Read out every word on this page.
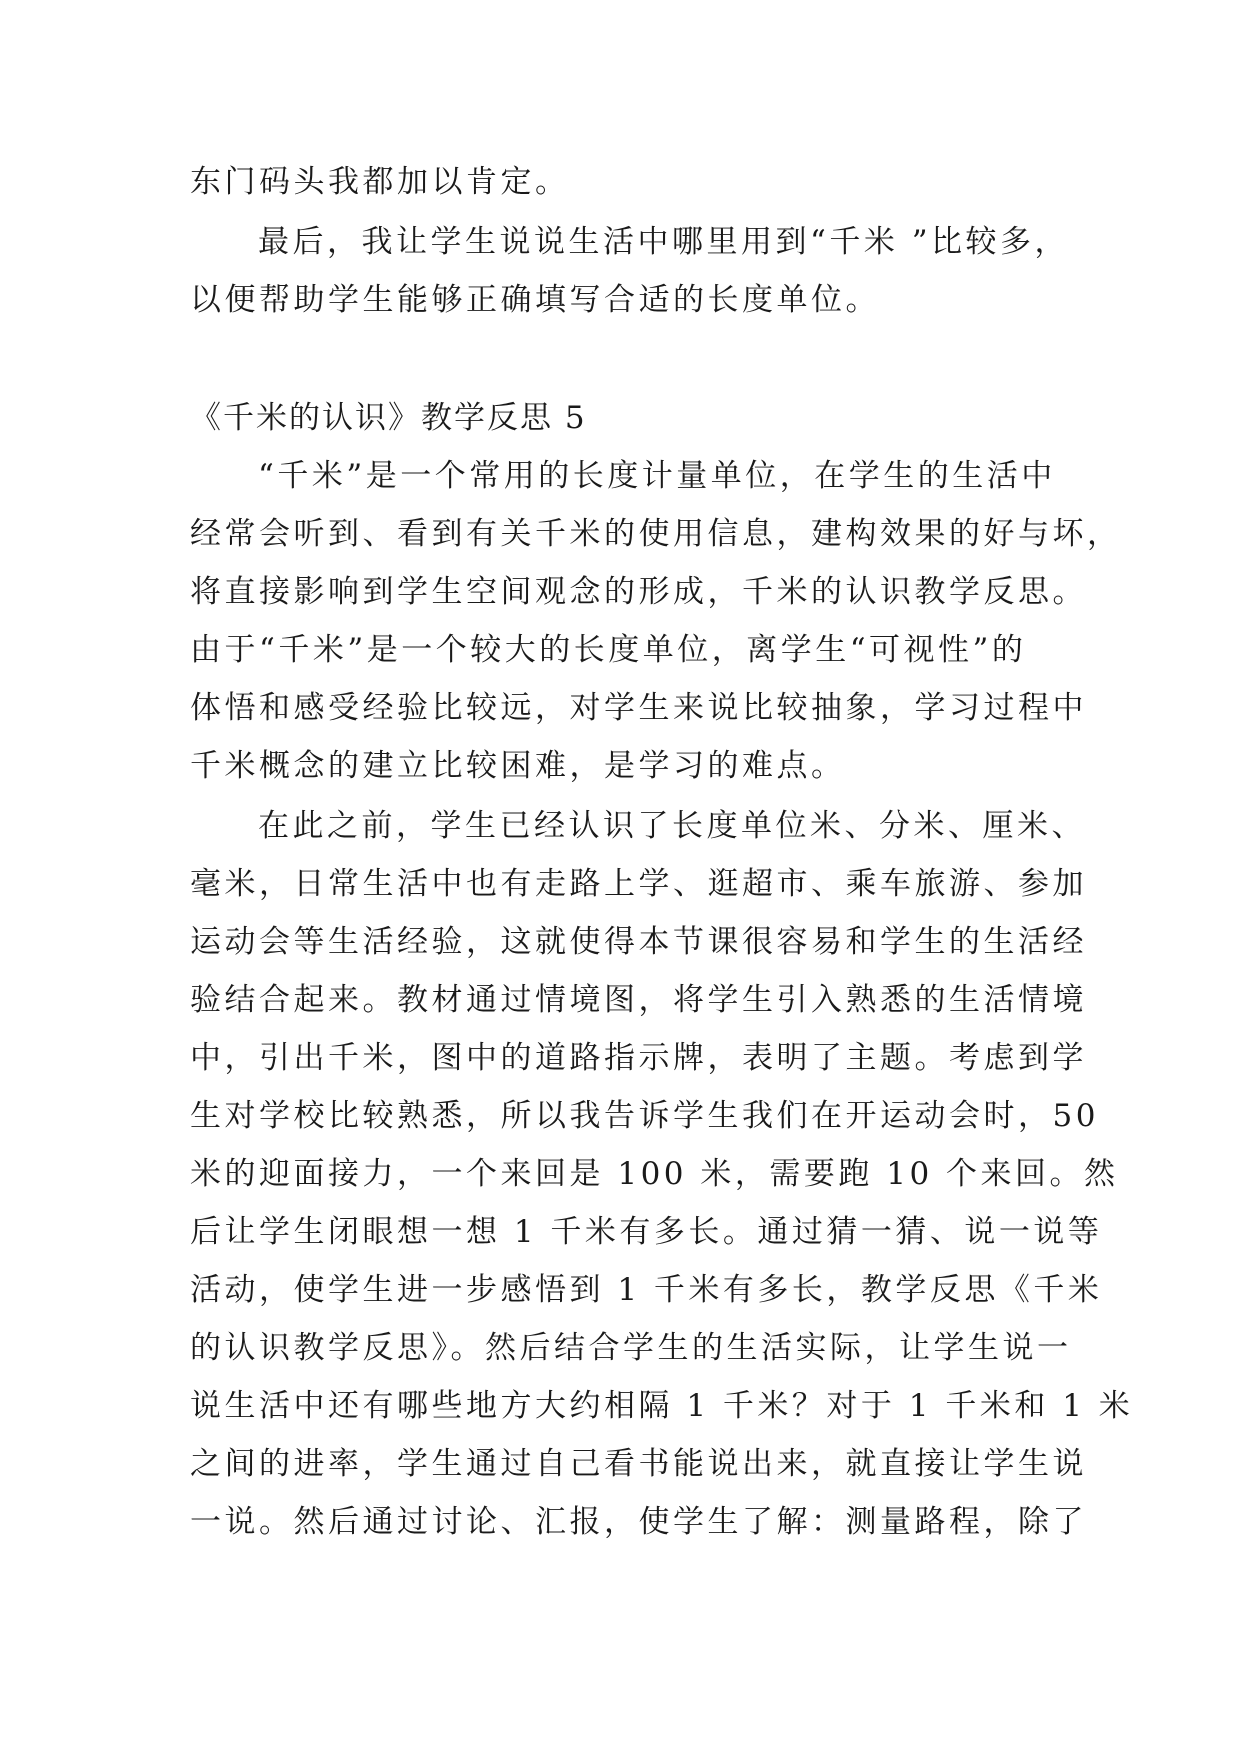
东门码头我都加以肯定。
最后，我让学生说说生活中哪里用到“千米 ”比较多，
以便帮助学生能够正确填写合适的长度单位。
《千米的认识》教学反思 5
“千米”是一个常用的长度计量单位，在学生的生活中
经常会听到、看到有关千米的使用信息，建构效果的好与坏，
将直接影响到学生空间观念的形成，千米的认识教学反思。
由于“千米”是一个较大的长度单位，离学生“可视性”的
体悟和感受经验比较远，对学生来说比较抽象，学习过程中
千米概念的建立比较困难，是学习的难点。
在此之前，学生已经认识了长度单位米、分米、厘米、
毫米，日常生活中也有走路上学、逛超市、乘车旅游、参加
运动会等生活经验，这就使得本节课很容易和学生的生活经
验结合起来。教材通过情境图，将学生引入熟悉的生活情境
中，引出千米，图中的道路指示牌，表明了主题。考虑到学
生对学校比较熟悉，所以我告诉学生我们在开运动会时，50
米的迎面接力，一个来回是 100 米，需要跑 10 个来回。然
后让学生闭眼想一想 1 千米有多长。通过猜一猜、说一说等
活动，使学生进一步感悟到 1 千米有多长，教学反思《千米
的认识教学反思》。然后结合学生的生活实际，让学生说一
说生活中还有哪些地方大约相隔 1 千米？对于 1 千米和 1 米
之间的进率，学生通过自己看书能说出来，就直接让学生说
一说。然后通过讨论、汇报，使学生了解：测量路程，除了
